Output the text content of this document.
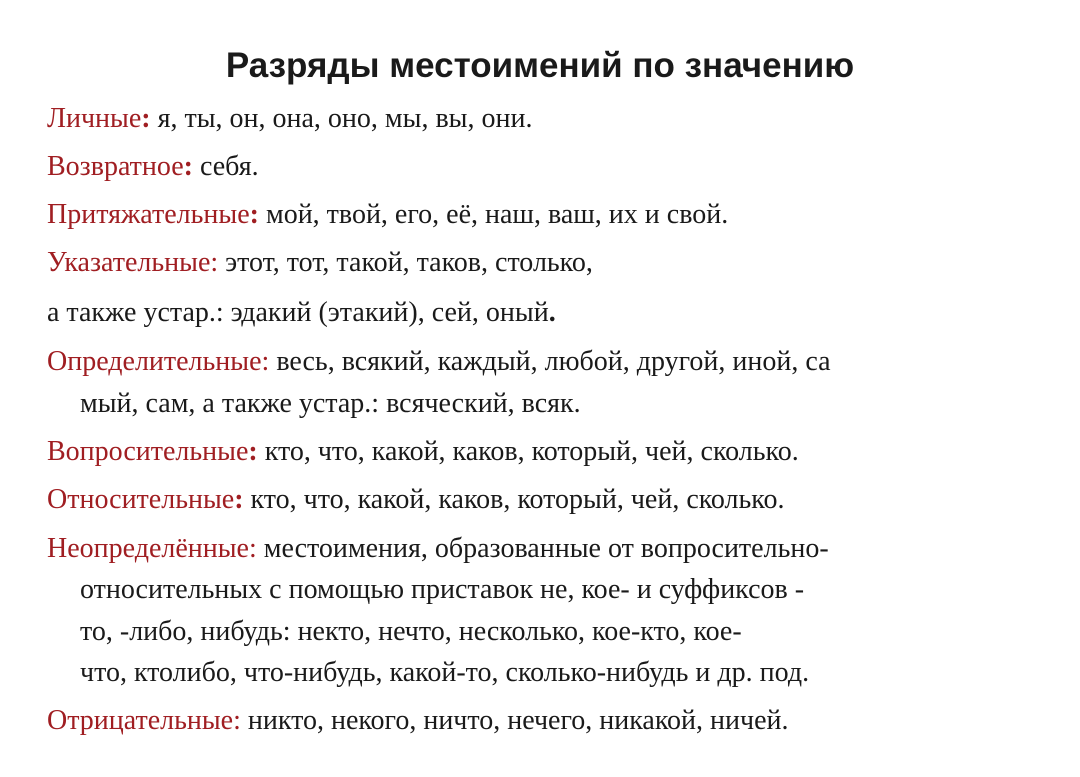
Разряды местоимений по значению
Личные: я, ты, он, она, оно, мы, вы, они.
Возвратное: себя.
Притяжательные: мой, твой, его, её, наш, ваш, их и свой.
Указательные: этот, тот, такой, таков, столько,
а также устар.: эдакий (этакий), сей, оный.
Определительные: весь, всякий, каждый, любой, другой, иной, са
мый, сам, а также устар.: всяческий, всяк.
Вопросительные: кто, что, какой, каков, который, чей, сколько.
Относительные: кто, что, какой, каков, который, чей, сколько.
Неопределённые: местоимения, образованные от вопросительно-
относительных с помощью приставок не, кое- и суффиксов -
то, -либо, нибудь: некто, нечто, несколько, кое-кто, кое-
что, ктолибо, что-нибудь, какой-то, сколько-нибудь и др. под.
Отрицательные: никто, некого, ничто, нечего, никакой, ничей.
